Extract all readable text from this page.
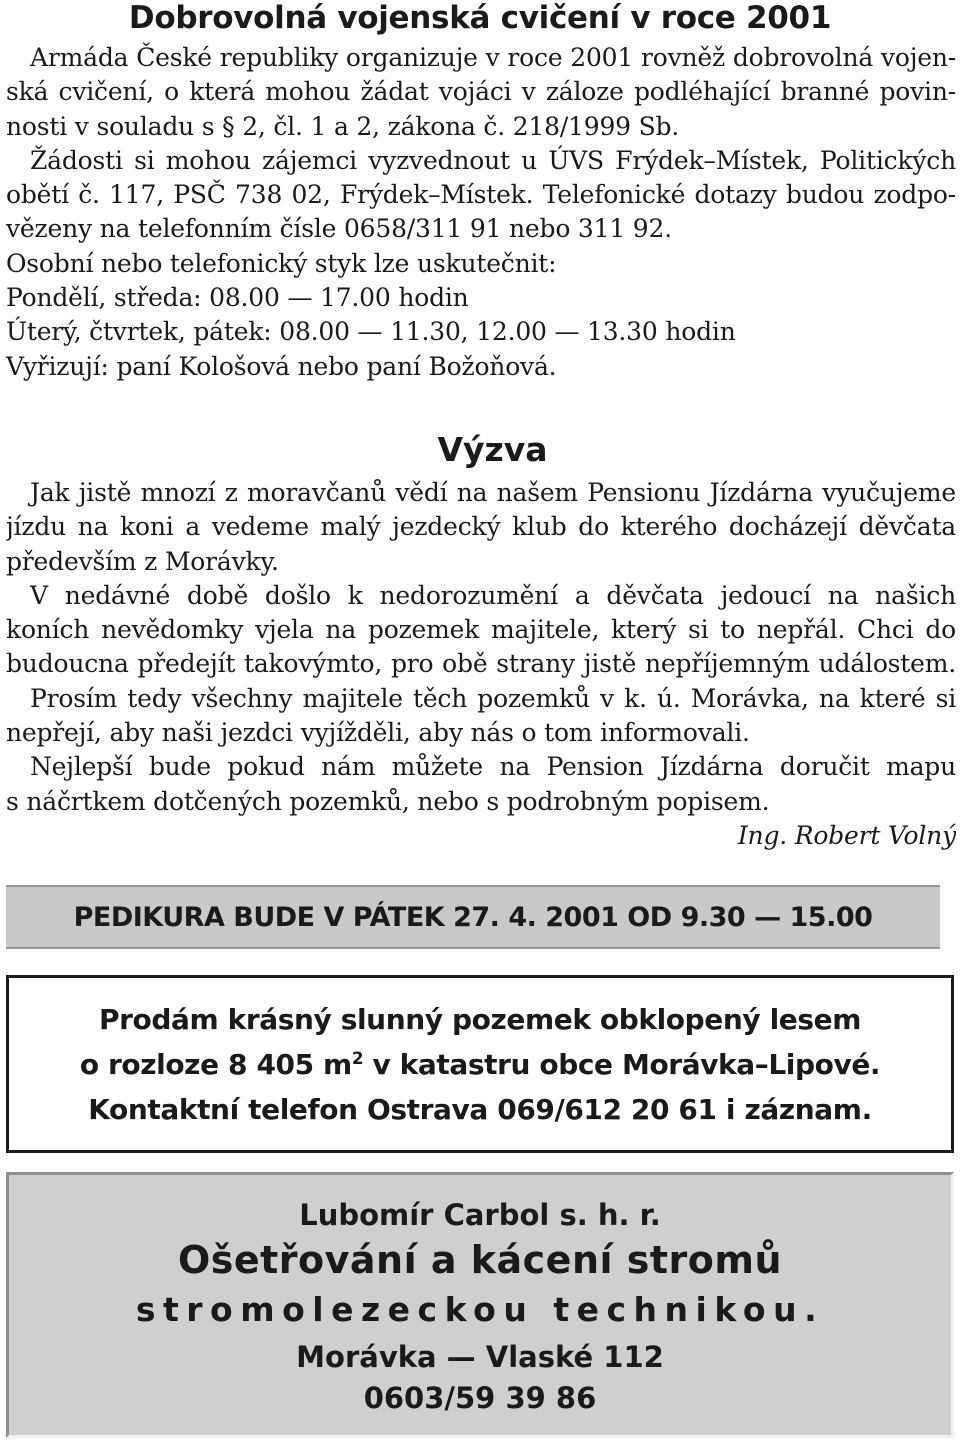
Dobrovolná vojenská cvičení v roce 2001
Armáda České republiky organizuje v roce 2001 rovněž dobrovolná vojen-
ská cvičení, o která mohou žádat vojáci v záloze podléhající branné povin-
nosti v souladu s § 2, čl. 1 a 2, zákona č. 218/1999 Sb.
Žádosti si mohou zájemci vyzvednout u ÚVS Frýdek–Místek, Politických
obětí č. 117, PSČ 738 02, Frýdek–Místek. Telefonické dotazy budou zodpo-
vězeny na telefonním čísle 0658/311 91 nebo 311 92.
Osobní nebo telefonický styk lze uskutečnit:
Pondělí, středa: 08.00 — 17.00 hodin
Úterý, čtvrtek, pátek: 08.00 — 11.30, 12.00 — 13.30 hodin
Vyřizují: paní Kološová nebo paní Božoňová.
Výzva
Jak jistě mnozí z moravčanů vědí na našem Pensionu Jízdárna vyučujeme
jízdu na koni a vedeme malý jezdecký klub do kterého docházejí děvčata
především z Morávky.
V nedávné době došlo k nedorozumění a děvčata jedoucí na našich
koních nevědomky vjela na pozemek majitele, který si to nepřál. Chci do
budoucna předejít takovýmto, pro obě strany jistě nepříjemným událostem.
Prosím tedy všechny majitele těch pozemků v k. ú. Morávka, na které si
nepřejí, aby naši jezdci vyjížděli, aby nás o tom informovali.
Nejlepší bude pokud nám můžete na Pension Jízdárna doručit mapu
s náčrtkem dotčených pozemků, nebo s podrobným popisem.
Ing. Robert Volný
PEDIKURA BUDE V PÁTEK 27. 4. 2001 OD 9.30 — 15.00
Prodám krásný slunný pozemek obklopený lesem
o rozloze 8 405 $m^2$ v katastru obce Morávka–Lipové.
Kontaktní telefon Ostrava 069/612 20 61 i záznam.
Lubomír Carbol s. h. r.
Ošetřování a kácení stromů
stromolezeckou technikou.
Morávka — Vlaské 112
0603/59 39 86
